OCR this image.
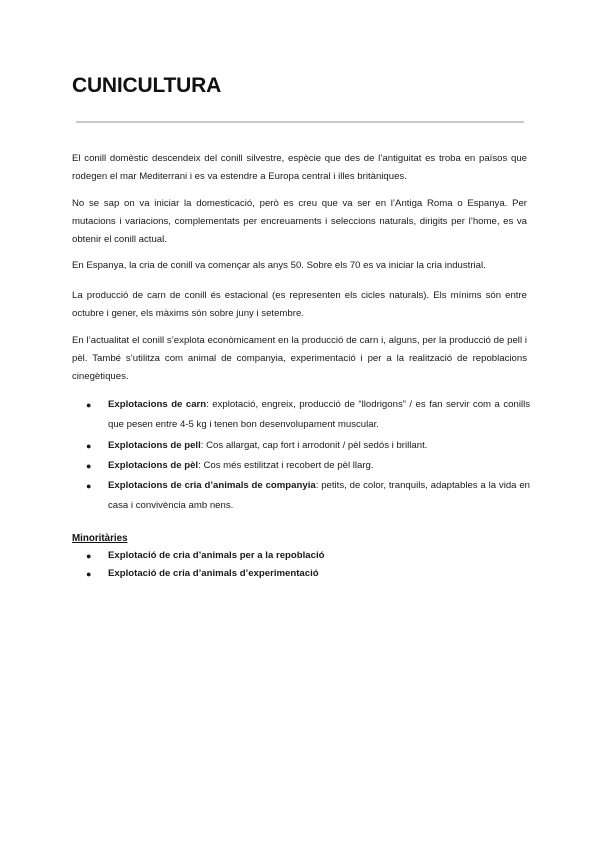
CUNICULTURA
El conill domèstic descendeix del conill silvestre, espècie que des de l’antiguitat es troba en països que rodegen el mar Mediterrani i es va estendre a Europa central i illes britàniques.
No se sap on va iniciar la domesticació, però es creu que va ser en l’Antiga Roma o Espanya. Per mutacions i variacions, complementats per encreuaments i seleccions naturals, dirigits per l’home, es va obtenir el conill actual.
En Espanya, la cria de conill va començar als anys 50. Sobre els 70 es va iniciar la cria industrial.
La producció de carn de conill és estacional (es representen els cicles naturals). Els mínims són entre octubre i gener, els màxims són sobre juny i setembre.
En l’actualitat el conill s’explota econòmicament en la producció de carn i, alguns, per la producció de pell i pèl. També s’utilitza com animal de companyia, experimentació i per a la realització de repoblacions cinegètiques.
● Explotacions de carn: explotació, engreix, producció de “llodrigons” / es fan servir com a conills que pesen entre 4-5 kg i tenen bon desenvolupament muscular.
● Explotacions de pell: Cos allargat, cap fort i arrodonit / pèl sedós i brillant.
● Explotacions de pèl: Cos més estilitzat i recobert de pèl llarg.
● Explotacions de cria d’animals de companyia: petits, de color, tranquils, adaptables a la vida en casa i convivència amb nens.
Minoritàries
● Explotació de cria d’animals per a la repoblació
● Explotació de cria d’animals d’experimentació
